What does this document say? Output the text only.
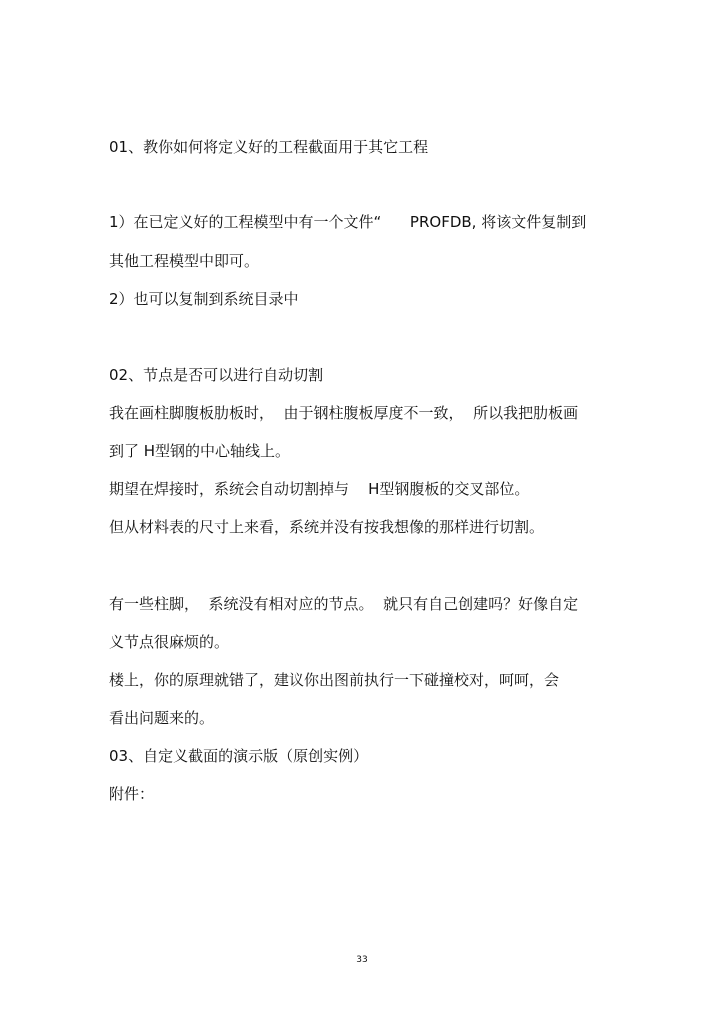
01、教你如何将定义好的工程截面用于其它工程
1）在已定义好的工程模型中有一个文件“      PROFDB, 将该文件复制到
其他工程模型中即可。
2）也可以复制到系统目录中
02、节点是否可以进行自动切割
我在画柱脚腹板肋板时，  由于钢柱腹板厚度不一致，  所以我把肋板画
到了 H型钢的中心轴线上。
期望在焊接时，系统会自动切割掉与    H型钢腹板的交叉部位。
但从材料表的尺寸上来看，系统并没有按我想像的那样进行切割。
有一些柱脚，  系统没有相对应的节点。  就只有自己创建吗？好像自定
义节点很麻烦的。
楼上，你的原理就错了，建议你出图前执行一下碰撞校对，呵呵，会
看出问题来的。
03、自定义截面的演示版（原创实例）
附件：
33
